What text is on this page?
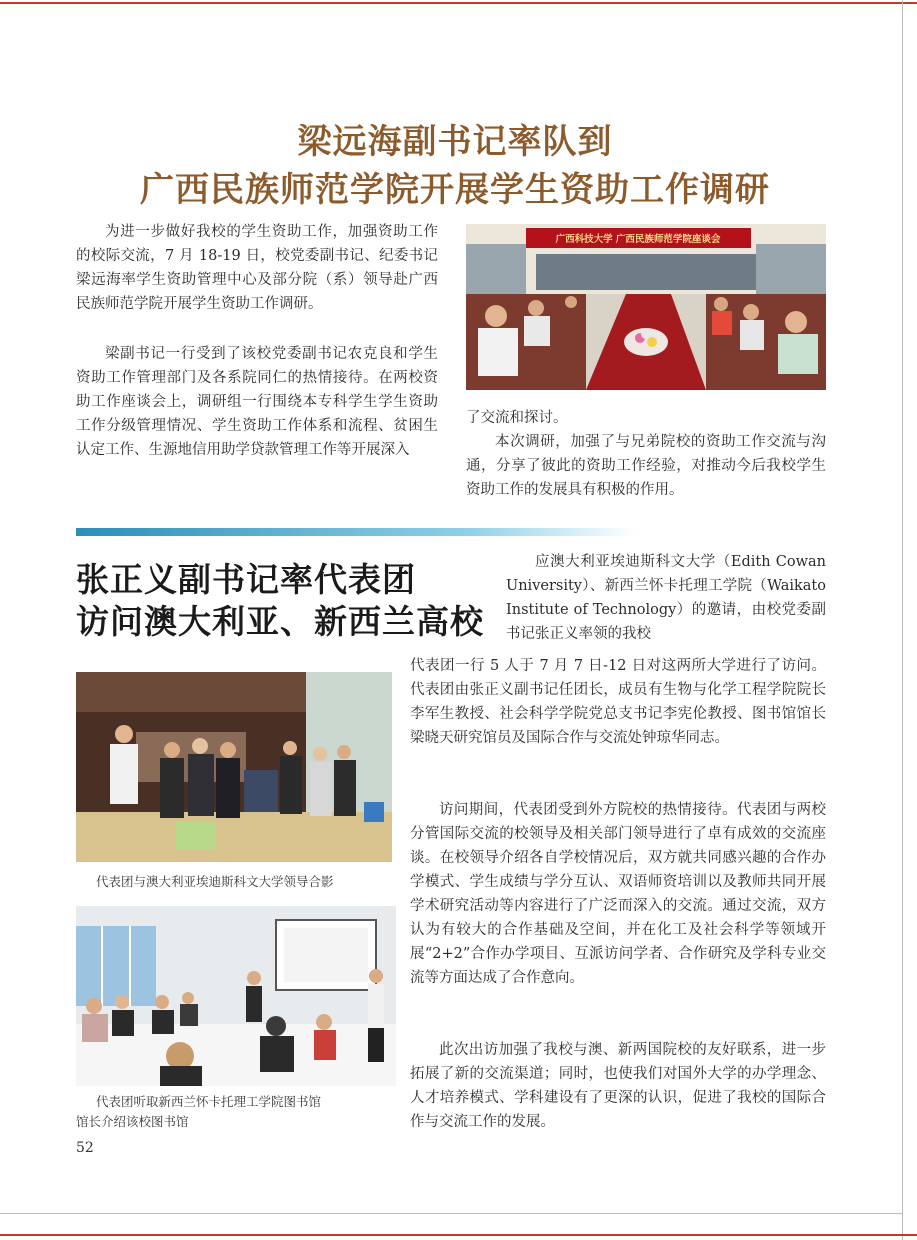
梁远海副书记率队到
广西民族师范学院开展学生资助工作调研

为进一步做好我校的学生资助工作，加强资助工作的校际交流，7 月 18-19 日，校党委副书记、纪委书记梁远海率学生资助管理中心及部分院（系）领导赴广西民族师范学院开展学生资助工作调研。

梁副书记一行受到了该校党委副书记农克良和学生资助工作管理部门及各系院同仁的热情接待。在两校资助工作座谈会上，调研组一行围绕本专科学生学生资助工作分级管理情况、学生资助工作体系和流程、贫困生认定工作、生源地信用助学贷款管理工作等开展深入

广西科技大学 广西民族师范学院座谈会

了交流和探讨。

本次调研，加强了与兄弟院校的资助工作交流与沟通，分享了彼此的资助工作经验，对推动今后我校学生资助工作的发展具有积极的作用。

张正义副书记率代表团
访问澳大利亚、新西兰高校

应澳大利亚埃迪斯科文大学（Edith Cowan University）、新西兰怀卡托理工学院（Waikato Institute of Technology）的邀请，由校党委副书记张正义率领的我校

代表团一行 5 人于 7 月 7 日-12 日对这两所大学进行了访问。代表团由张正义副书记任团长，成员有生物与化学工程学院院长李军生教授、社会科学学院党总支书记李宪伦教授、图书馆馆长梁晓天研究馆员及国际合作与交流处钟琼华同志。

访问期间，代表团受到外方院校的热情接待。代表团与两校分管国际交流的校领导及相关部门领导进行了卓有成效的交流座谈。在校领导介绍各自学校情况后，双方就共同感兴趣的合作办学模式、学生成绩与学分互认、双语师资培训以及教师共同开展学术研究活动等内容进行了广泛而深入的交流。通过交流，双方认为有较大的合作基础及空间，并在化工及社会科学等领域开展“2+2”合作办学项目、互派访问学者、合作研究及学科专业交流等方面达成了合作意向。

此次出访加强了我校与澳、新两国院校的友好联系，进一步拓展了新的交流渠道；同时，也使我们对国外大学的办学理念、人才培养模式、学科建设有了更深的认识，促进了我校的国际合作与交流工作的发展。

代表团与澳大利亚埃迪斯科文大学领导合影
代表团听取新西兰怀卡托理工学院图书馆
馆长介绍该校图书馆
52
